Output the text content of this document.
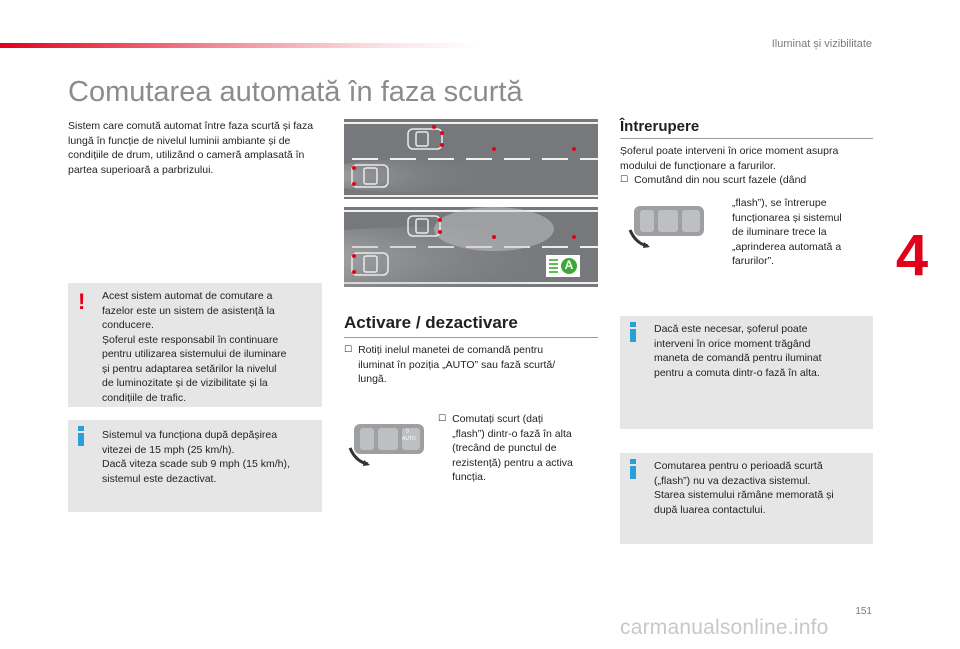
Iluminat și vizibilitate
4
Comutarea automată în faza scurtă
Sistem care comută automat între faza scurtă și faza lungă în funcție de nivelul luminii ambiante și de condițiile de drum, utilizând o cameră amplasată în partea superioară a parbrizului.
! Acest sistem automat de comutare a
fazelor este un sistem de asistență la
conducere.
Șoferul este responsabil în continuare
pentru utilizarea sistemului de iluminare
și pentru adaptarea setărilor la nivelul
de luminozitate și de vizibilitate și la
condițiile de trafic.
Sistemul va funcționa după depășirea
vitezei de 15 mph (25 km/h).
Dacă viteza scade sub 9 mph (15 km/h),
sistemul este dezactivat.
A
Activare / dezactivare
☐ Rotiți inelul manetei de comandă pentru
iluminat în poziția „AUTO” sau fază scurtă/
lungă.
AUTO
0
☐ Comutați scurt (dați
„flash”) dintr-o fază în alta
(trecând de punctul de
rezistență) pentru a activa
funcția.
Întrerupere
Șoferul poate interveni în orice moment asupra
modului de funcționare a farurilor.
☐ Comutând din nou scurt fazele (dând
„flash”), se întrerupe
funcționarea și sistemul
de iluminare trece la
„aprinderea automată a
farurilor”.
Dacă este necesar, șoferul poate
interveni în orice moment trăgând
maneta de comandă pentru iluminat
pentru a comuta dintr-o fază în alta.
Comutarea pentru o perioadă scurtă
(„flash”) nu va dezactiva sistemul.
Starea sistemului rămâne memorată și
după luarea contactului.
151
carmanualsonline.info
